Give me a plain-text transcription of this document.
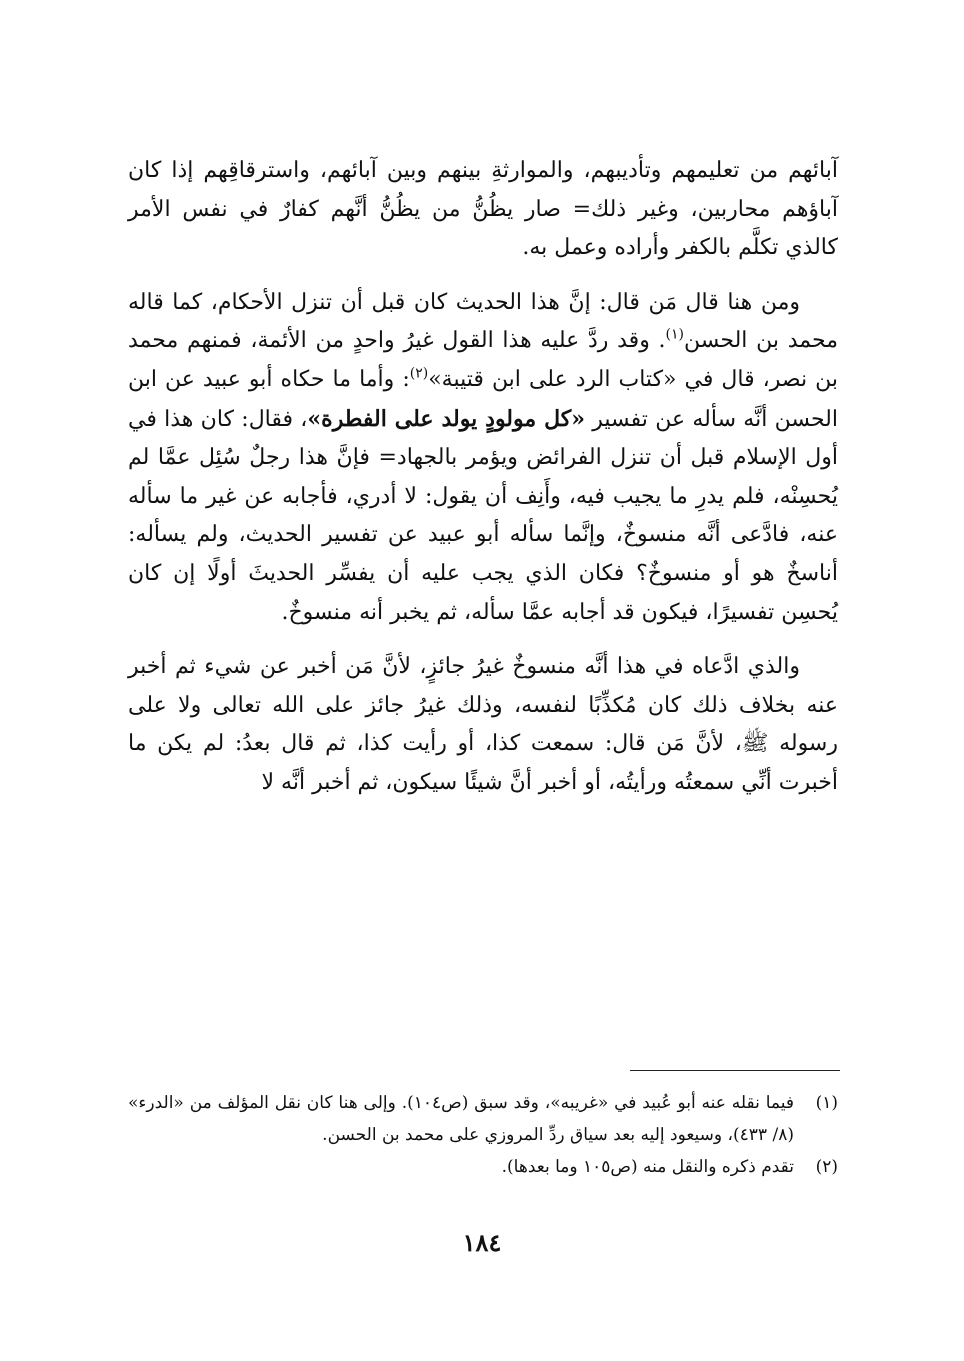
آبائهم من تعليمهم وتأديبهم، والموارثةِ بينهم وبين آبائهم، واسترقاقِهم إذا كان آباؤهم محاربين، وغير ذلك= صار يظُنُّ من يظُنُّ أنَّهم كفارٌ في نفس الأمر كالذي تكلَّم بالكفر وأراده وعمل به.

ومن هنا قال مَن قال: إنَّ هذا الحديث كان قبل أن تنزل الأحكام، كما قاله محمد بن الحسن$^{(١)}$. وقد ردَّ عليه هذا القول غيرُ واحدٍ من الأئمة، فمنهم محمد بن نصر، قال في «كتاب الرد على ابن قتيبة»$^{(٢)}$: وأما ما حكاه أبو عبيد عن ابن الحسن أنَّه سأله عن تفسير «كل مولودٍ يولد على الفطرة»، فقال: كان هذا في أول الإسلام قبل أن تنزل الفرائض ويؤمر بالجهاد= فإنَّ هذا رجلٌ سُئِل عمَّا لم يُحسِنْه، فلم يدرِ ما يجيب فيه، وأَنِف أن يقول: لا أدري، فأجابه عن غير ما سأله عنه، فادَّعى أنَّه منسوخٌ، وإنَّما سأله أبو عبيد عن تفسير الحديث، ولم يسأله: أناسخٌ هو أو منسوخٌ؟ فكان الذي يجب عليه أن يفسِّر الحديثَ أولًا إن كان يُحسِن تفسيرًا، فيكون قد أجابه عمَّا سأله، ثم يخبر أنه منسوخٌ.

والذي ادَّعاه في هذا أنَّه منسوخٌ غيرُ جائزٍ، لأنَّ مَن أخبر عن شيء ثم أخبر عنه بخلاف ذلك كان مُكذِّبًا لنفسه، وذلك غيرُ جائز على الله تعالى ولا على رسوله ﷺ، لأنَّ مَن قال: سمعت كذا، أو رأيت كذا، ثم قال بعدُ: لم يكن ما أخبرت أنِّي سمعتُه ورأيتُه، أو أخبر أنَّ شيئًا سيكون، ثم أخبر أنَّه لا

(١)
فيما نقله عنه أبو عُبيد في «غريبه»، وقد سبق (ص١٠٤). وإلى هنا كان نقل المؤلف من «الدرء» (٨/ ٤٣٣)، وسيعود إليه بعد سياق ردِّ المروزي على محمد بن الحسن.
(٢)
تقدم ذكره والنقل منه (ص١٠٥ وما بعدها).
١٨٤
